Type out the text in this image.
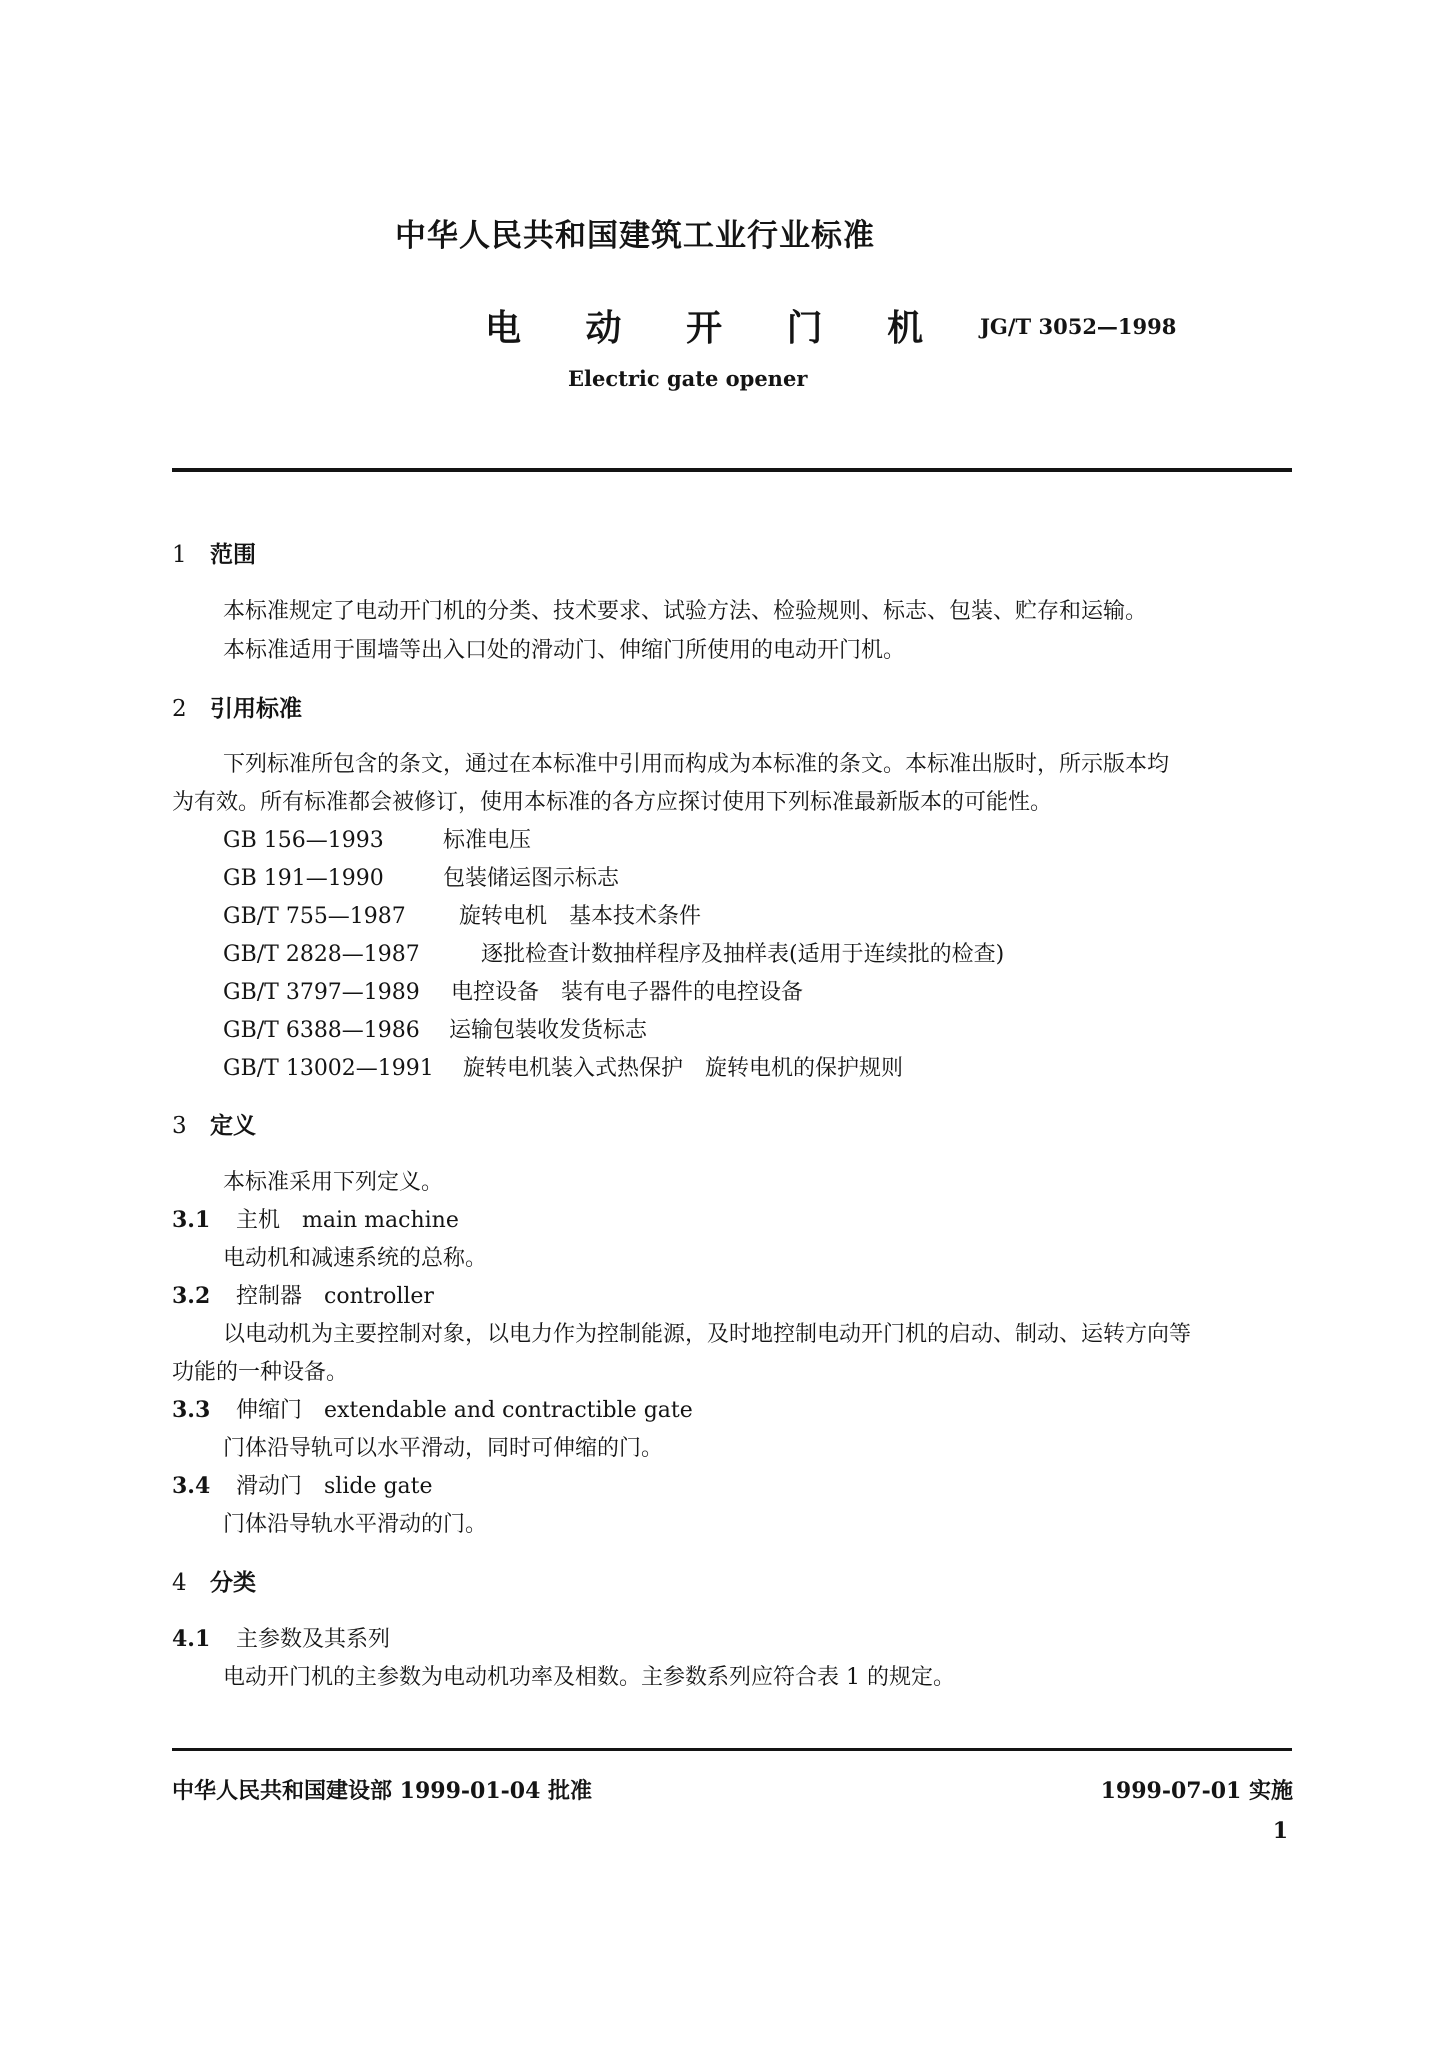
中华人民共和国建筑工业行业标准
电 动 开 门 机 JG/T 3052—1998
Electric gate opener
1 范围
本标准规定了电动开门机的分类、技术要求、试验方法、检验规则、标志、包装、贮存和运输。
本标准适用于围墙等出入口处的滑动门、伸缩门所使用的电动开门机。
2 引用标准
下列标准所包含的条文，通过在本标准中引用而构成为本标准的条文。本标准出版时，所示版本均
为有效。所有标准都会被修订，使用本标准的各方应探讨使用下列标准最新版本的可能性。
GB 156—1993	标准电压
GB 191—1990	包装储运图示标志
GB/T 755—1987 旋转电机　基本技术条件
GB/T 2828—1987	逐批检查计数抽样程序及抽样表(适用于连续批的检查)
GB/T 3797—1989 电控设备　装有电子器件的电控设备
GB/T 6388—1986 运输包装收发货标志
GB/T 13002—1991 旋转电机装入式热保护　旋转电机的保护规则
3 定义
本标准采用下列定义。
3.1 主机　main machine
电动机和减速系统的总称。
3.2 控制器　controller
以电动机为主要控制对象，以电力作为控制能源，及时地控制电动开门机的启动、制动、运转方向等
功能的一种设备。
3.3 伸缩门　extendable and contractible gate
门体沿导轨可以水平滑动，同时可伸缩的门。
3.4 滑动门　slide gate
门体沿导轨水平滑动的门。
4 分类
4.1 主参数及其系列
电动开门机的主参数为电动机功率及相数。主参数系列应符合表 1 的规定。
中华人民共和国建设部 1999-01-04 批准	1999-07-01 实施
1
